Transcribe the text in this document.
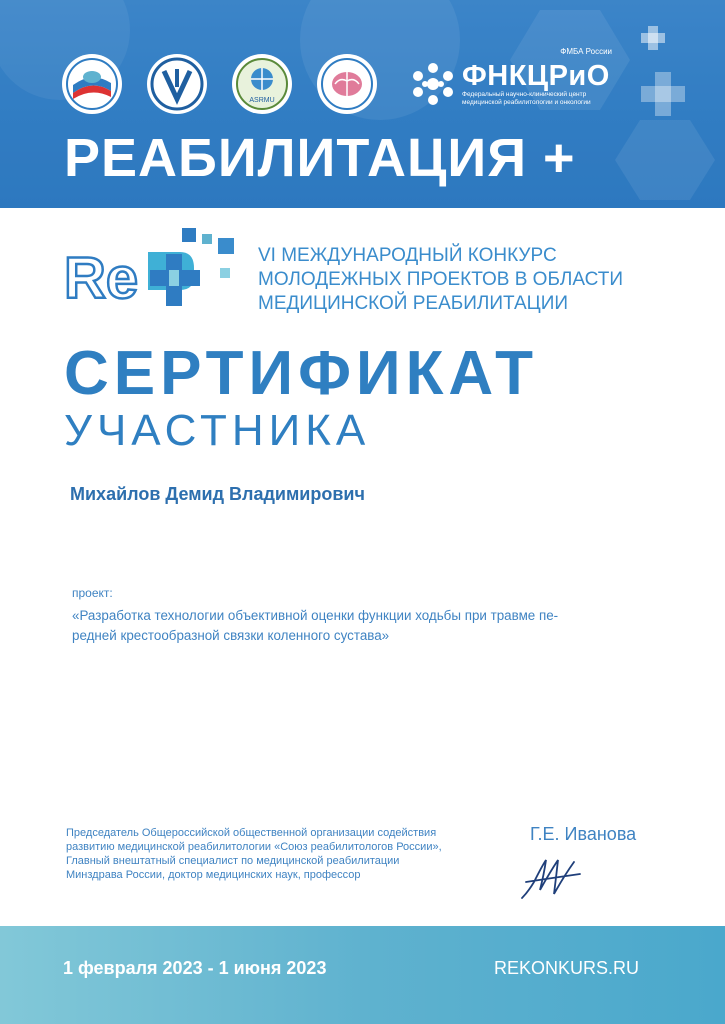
ASRMU
ФМБА России
ФНКЦРиО
Федеральный научно-клинический центр медицинской реабилитологии и онкологии
РЕАБИЛИТАЦИЯ +
Re	VI МЕЖДУНАРОДНЫЙ КОНКУРС
МОЛОДЕЖНЫХ ПРОЕКТОВ В ОБЛАСТИ
МЕДИЦИНСКОЙ РЕАБИЛИТАЦИИ
СЕРТИФИКАТ
УЧАСТНИКА
Михайлов Демид Владимирович
проект:
«Разработка технологии объективной оценки функции ходьбы при травме пе-
редней крестообразной связки коленного сустава»
Председатель Общероссийской общественной организации содействия
развитию медицинской реабилитологии «Союз реабилитологов России»,
Главный внештатный специалист по медицинской реабилитации
Минздрава России, доктор медицинских наук, профессор
Г.Е. Иванова
1 февраля 2023 - 1 июня 2023	REKONKURS.RU
